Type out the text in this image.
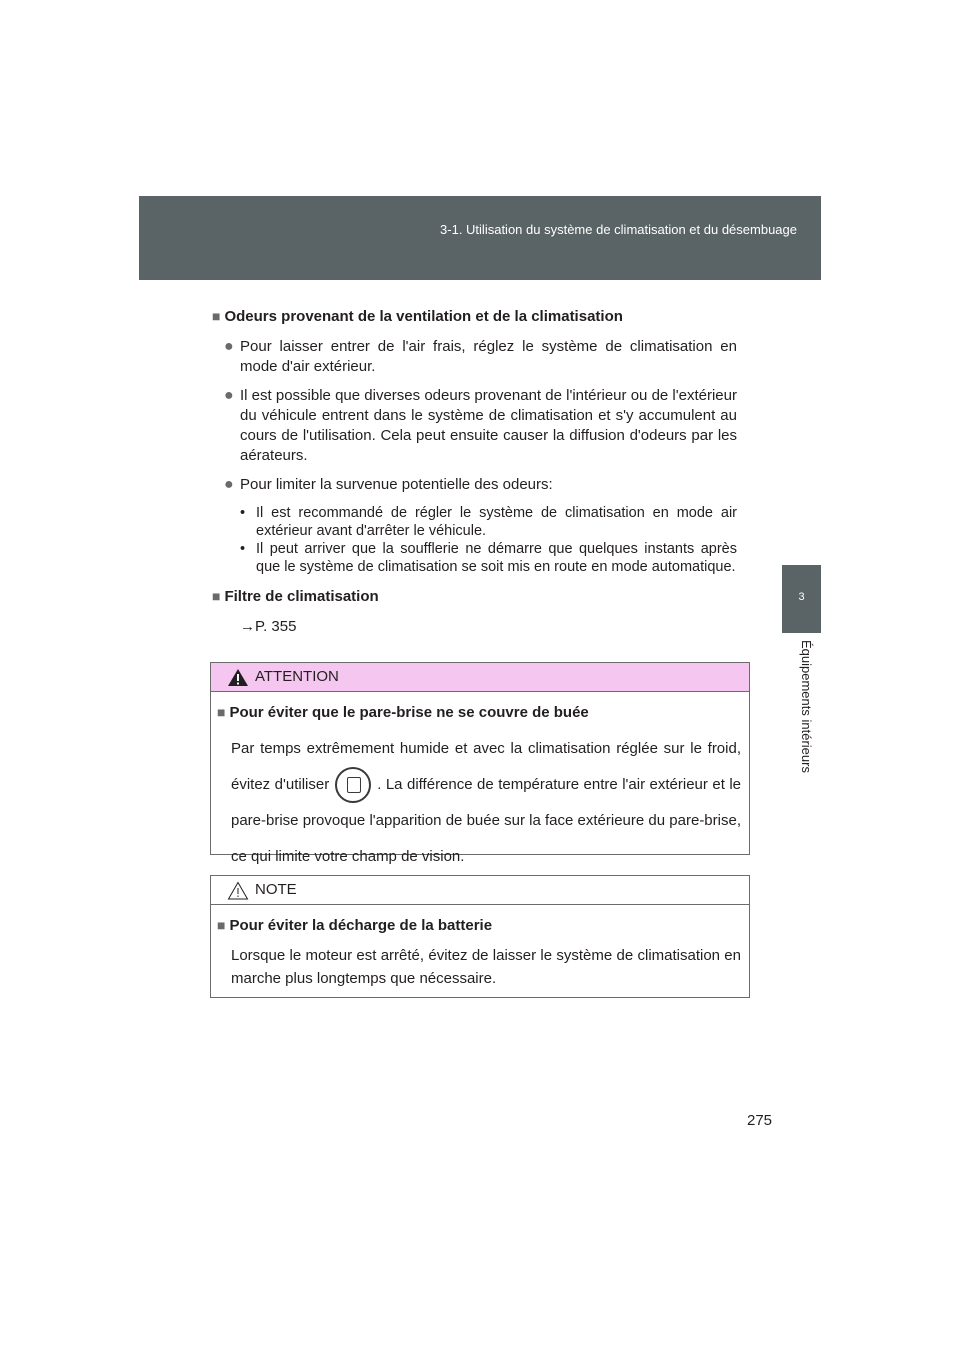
3-1. Utilisation du système de climatisation et du désembuage
3
Équipements intérieurs

■ Odeurs provenant de la ventilation et de la climatisation

● Pour laisser entrer de l'air frais, réglez le système de climatisation en mode d'air extérieur.

● Il est possible que diverses odeurs provenant de l'intérieur ou de l'extérieur du véhicule entrent dans le système de climatisation et s'y accumulent au cours de l'utilisation. Cela peut ensuite causer la diffusion d'odeurs par les aérateurs.

● Pour limiter la survenue potentielle des odeurs:

• Il est recommandé de régler le système de climatisation en mode air extérieur avant d'arrêter le véhicule.

• Il peut arriver que la soufflerie ne démarre que quelques instants après que le système de climatisation se soit mis en route en mode automatique.

■ Filtre de climatisation

→P. 355

ATTENTION

■ Pour éviter que le pare-brise ne se couvre de buée

Par temps extrêmement humide et avec la climatisation réglée sur le froid, évitez d'utiliser	. La différence de température entre l'air extérieur et le pare-brise provoque l'apparition de buée sur la face extérieure du pare-brise, ce qui limite votre champ de vision.

NOTE

■ Pour éviter la décharge de la batterie

Lorsque le moteur est arrêté, évitez de laisser le système de climatisation en marche plus longtemps que nécessaire.

275
